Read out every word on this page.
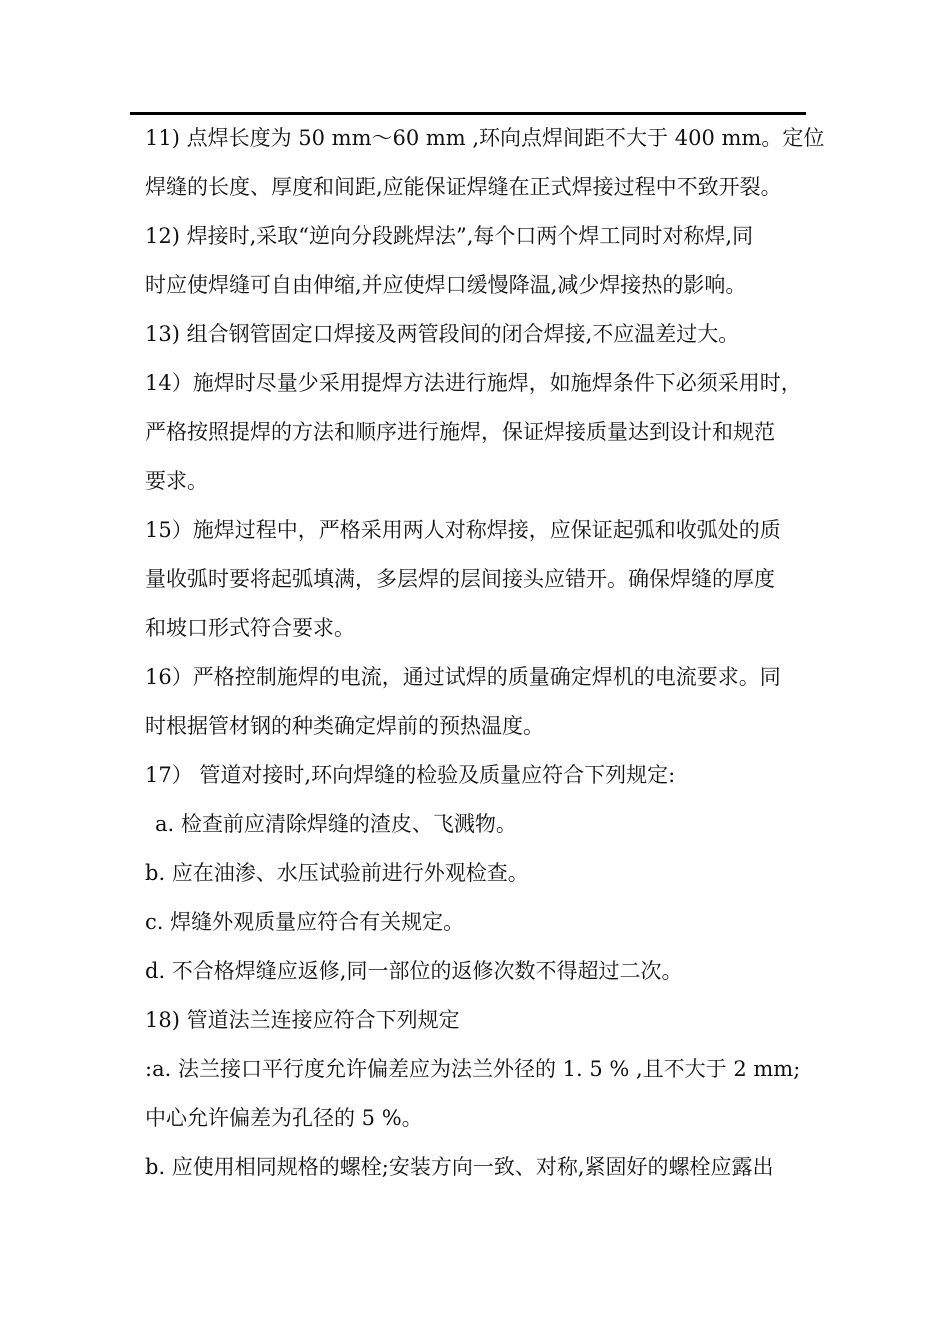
11) 点焊长度为 50 mm～60 mm ,环向点焊间距不大于 400 mm。定位

焊缝的长度、厚度和间距,应能保证焊缝在正式焊接过程中不致开裂。

12) 焊接时,采取“逆向分段跳焊法”,每个口两个焊工同时对称焊,同

时应使焊缝可自由伸缩,并应使焊口缓慢降温,减少焊接热的影响。

13) 组合钢管固定口焊接及两管段间的闭合焊接,不应温差过大。

14）施焊时尽量少采用提焊方法进行施焊，如施焊条件下必须采用时，

严格按照提焊的方法和顺序进行施焊，保证焊接质量达到设计和规范

要求。

15）施焊过程中，严格采用两人对称焊接，应保证起弧和收弧处的质

量收弧时要将起弧填满，多层焊的层间接头应错开。确保焊缝的厚度

和坡口形式符合要求。

16）严格控制施焊的电流，通过试焊的质量确定焊机的电流要求。同

时根据管材钢的种类确定焊前的预热温度。

17） 管道对接时,环向焊缝的检验及质量应符合下列规定:

a. 检查前应清除焊缝的渣皮、飞溅物。

b. 应在油渗、水压试验前进行外观检查。

c. 焊缝外观质量应符合有关规定。

d. 不合格焊缝应返修,同一部位的返修次数不得超过二次。

18) 管道法兰连接应符合下列规定

:a. 法兰接口平行度允许偏差应为法兰外径的 1. 5 % ,且不大于 2 mm;

中心允许偏差为孔径的 5 %。

b. 应使用相同规格的螺栓;安装方向一致、对称,紧固好的螺栓应露出
